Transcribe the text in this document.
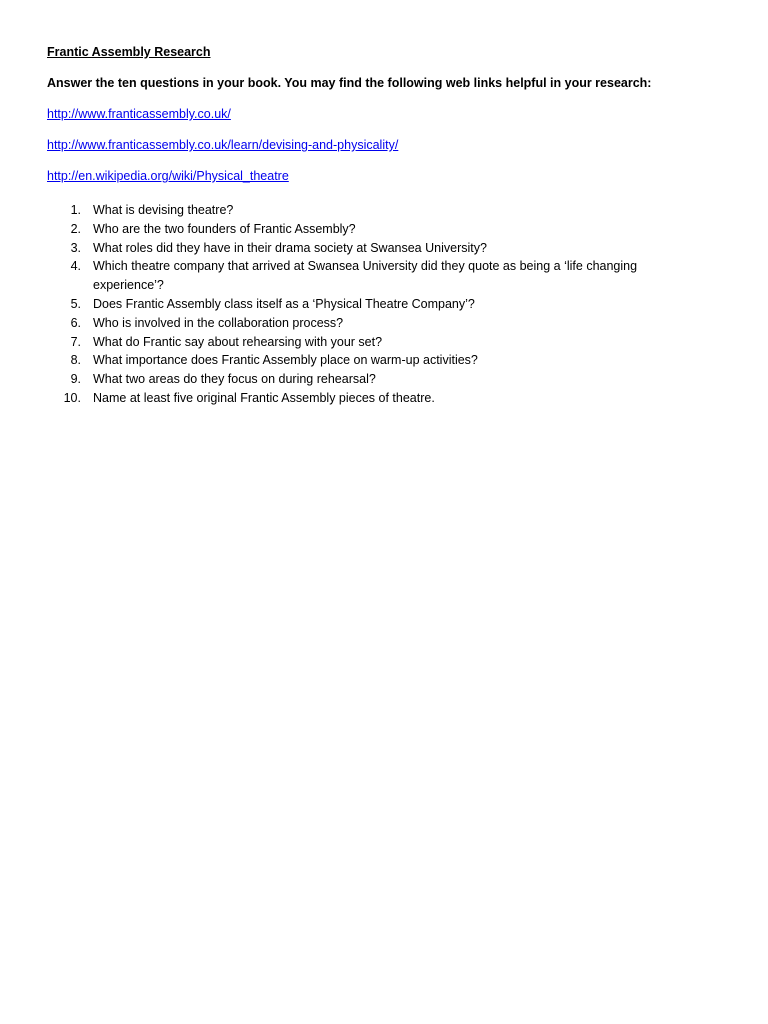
Frantic Assembly Research
Answer the ten questions in your book. You may find the following web links helpful in your research:
http://www.franticassembly.co.uk/
http://www.franticassembly.co.uk/learn/devising-and-physicality/
http://en.wikipedia.org/wiki/Physical_theatre
1. What is devising theatre?
2. Who are the two founders of Frantic Assembly?
3. What roles did they have in their drama society at Swansea University?
4. Which theatre company that arrived at Swansea University did they quote as being a ‘life changing experience’?
5. Does Frantic Assembly class itself as a ‘Physical Theatre Company’?
6. Who is involved in the collaboration process?
7. What do Frantic say about rehearsing with your set?
8. What importance does Frantic Assembly place on warm-up activities?
9. What two areas do they focus on during rehearsal?
10. Name at least five original Frantic Assembly pieces of theatre.
